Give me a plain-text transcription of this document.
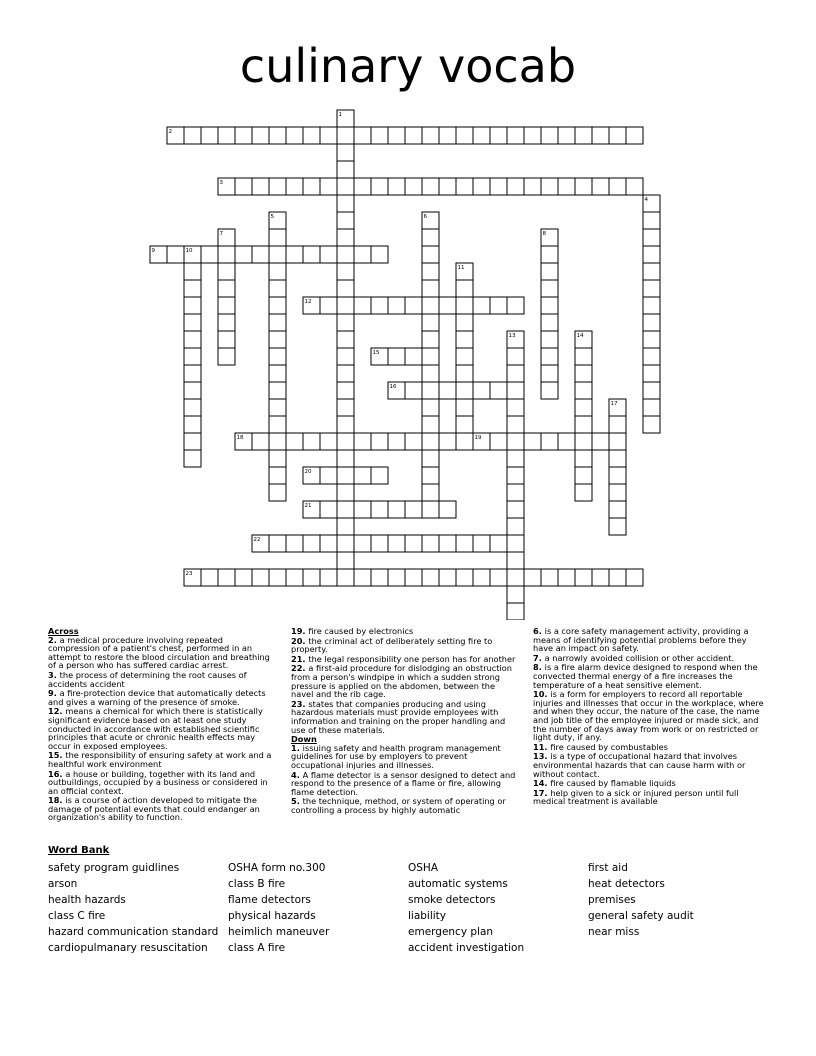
culinary vocab
1
2
3
4
5	6
7	8
9	10
11
12
13	14
15
16
17
18	19
20
21
22
23
Across
2. a medical procedure involving repeated compression of a patient's chest, performed in an attempt to restore the blood circulation and breathing of a person who has suffered cardiac arrest.
3. the process of determining the root causes of accidents accident
9. a fire-protection device that automatically detects and gives a warning of the presence of smoke.
12. means a chemical for which there is statistically significant evidence based on at least one study conducted in accordance with established scientific principles that acute or chronic health effects may occur in exposed employees.
15. the responsibility of ensuring safety at work and a healthful work environment
16. a house or building, together with its land and outbuildings, occupied by a business or considered in an official context.
18. is a course of action developed to mitigate the damage of potential events that could endanger an organization's ability to function.
19. fire caused by electronics
20. the criminal act of deliberately setting fire to property.
21. the legal responsibility one person has for another
22. a first-aid procedure for dislodging an obstruction from a person's windpipe in which a sudden strong pressure is applied on the abdomen, between the navel and the rib cage.
23. states that companies producing and using hazardous materials must provide employees with information and training on the proper handling and use of these materials.
Down
1. issuing safety and health program management guidelines for use by employers to prevent occupational injuries and illnesses.
4. A flame detector is a sensor designed to detect and respond to the presence of a flame or fire, allowing flame detection.
5. the technique, method, or system of operating or controlling a process by highly automatic
6. is a core safety management activity, providing a means of identifying potential problems before they have an impact on safety.
7. a narrowly avoided collision or other accident.
8. is a fire alarm device designed to respond when the convected thermal energy of a fire increases the temperature of a heat sensitive element.
10. is a form for employers to record all reportable injuries and illnesses that occur in the workplace, where and when they occur, the nature of the case, the name and job title of the employee injured or made sick, and the number of days away from work or on restricted or light duty, if any.
11. fire caused by combustables
13. is a type of occupational hazard that involves environmental hazards that can cause harm with or without contact.
14. fire caused by flamable liquids
17. help given to a sick or injured person until full medical treatment is available
Word Bank
safety program guidlines
arson
health hazards
class C fire
hazard communication standard
cardiopulmanary resuscitation
OSHA form no.300
class B fire
flame detectors
physical hazards
heimlich maneuver
class A fire
OSHA
automatic systems
smoke detectors
liability
emergency plan
accident investigation
first aid
heat detectors
premises
general safety audit
near miss
